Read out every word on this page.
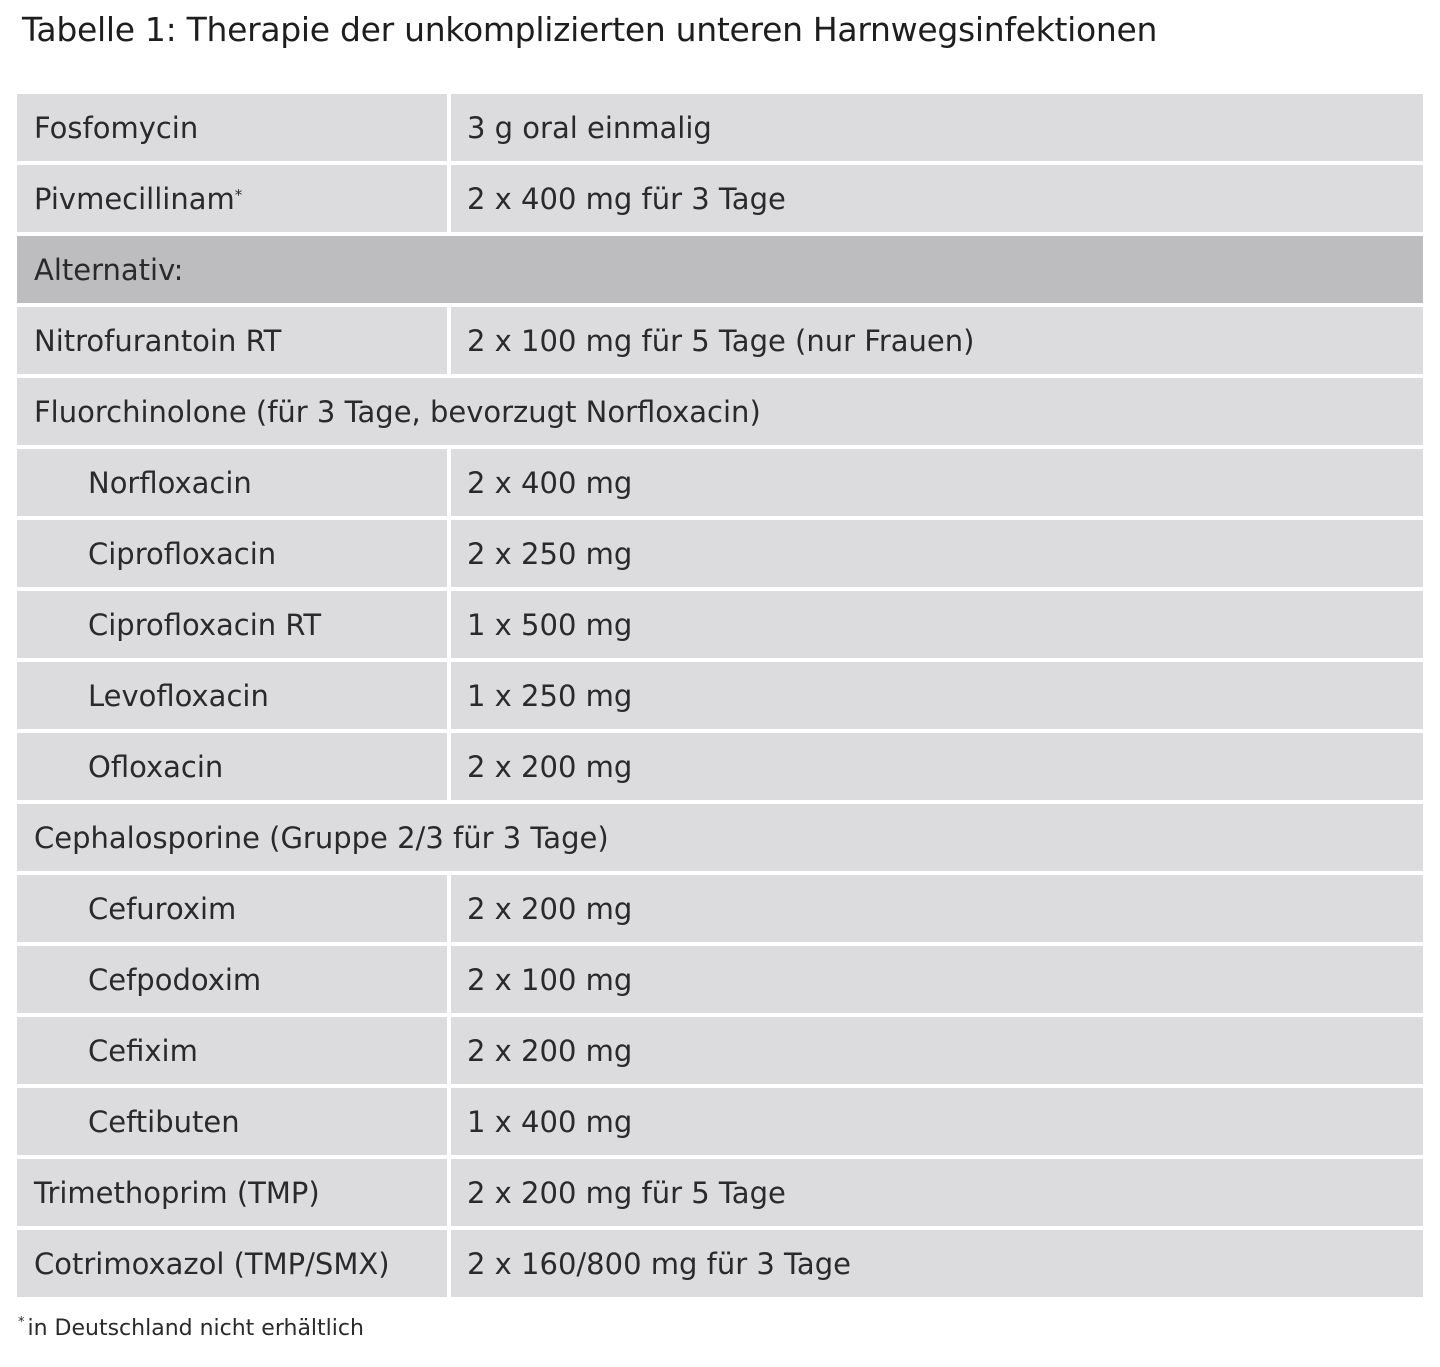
Tabelle 1: Therapie der unkomplizierten unteren Harnwegsinfektionen
Fosfomycin	3 g oral einmalig
Pivmecillinam*	2 x 400 mg für 3 Tage
Alternativ:
Nitrofurantoin RT	2 x 100 mg für 5 Tage (nur Frauen)
Fluorchinolone (für 3 Tage, bevorzugt Norfloxacin)
Norfloxacin	2 x 400 mg
Ciprofloxacin	2 x 250 mg
Ciprofloxacin RT	1 x 500 mg
Levofloxacin	1 x 250 mg
Ofloxacin	2 x 200 mg
Cephalosporine (Gruppe 2/3 für 3 Tage)
Cefuroxim	2 x 200 mg
Cefpodoxim	2 x 100 mg
Cefixim	2 x 200 mg
Ceftibuten	1 x 400 mg
Trimethoprim (TMP)	2 x 200 mg für 5 Tage
Cotrimoxazol (TMP/SMX)	2 x 160/800 mg für 3 Tage
* in Deutschland nicht erhältlich
